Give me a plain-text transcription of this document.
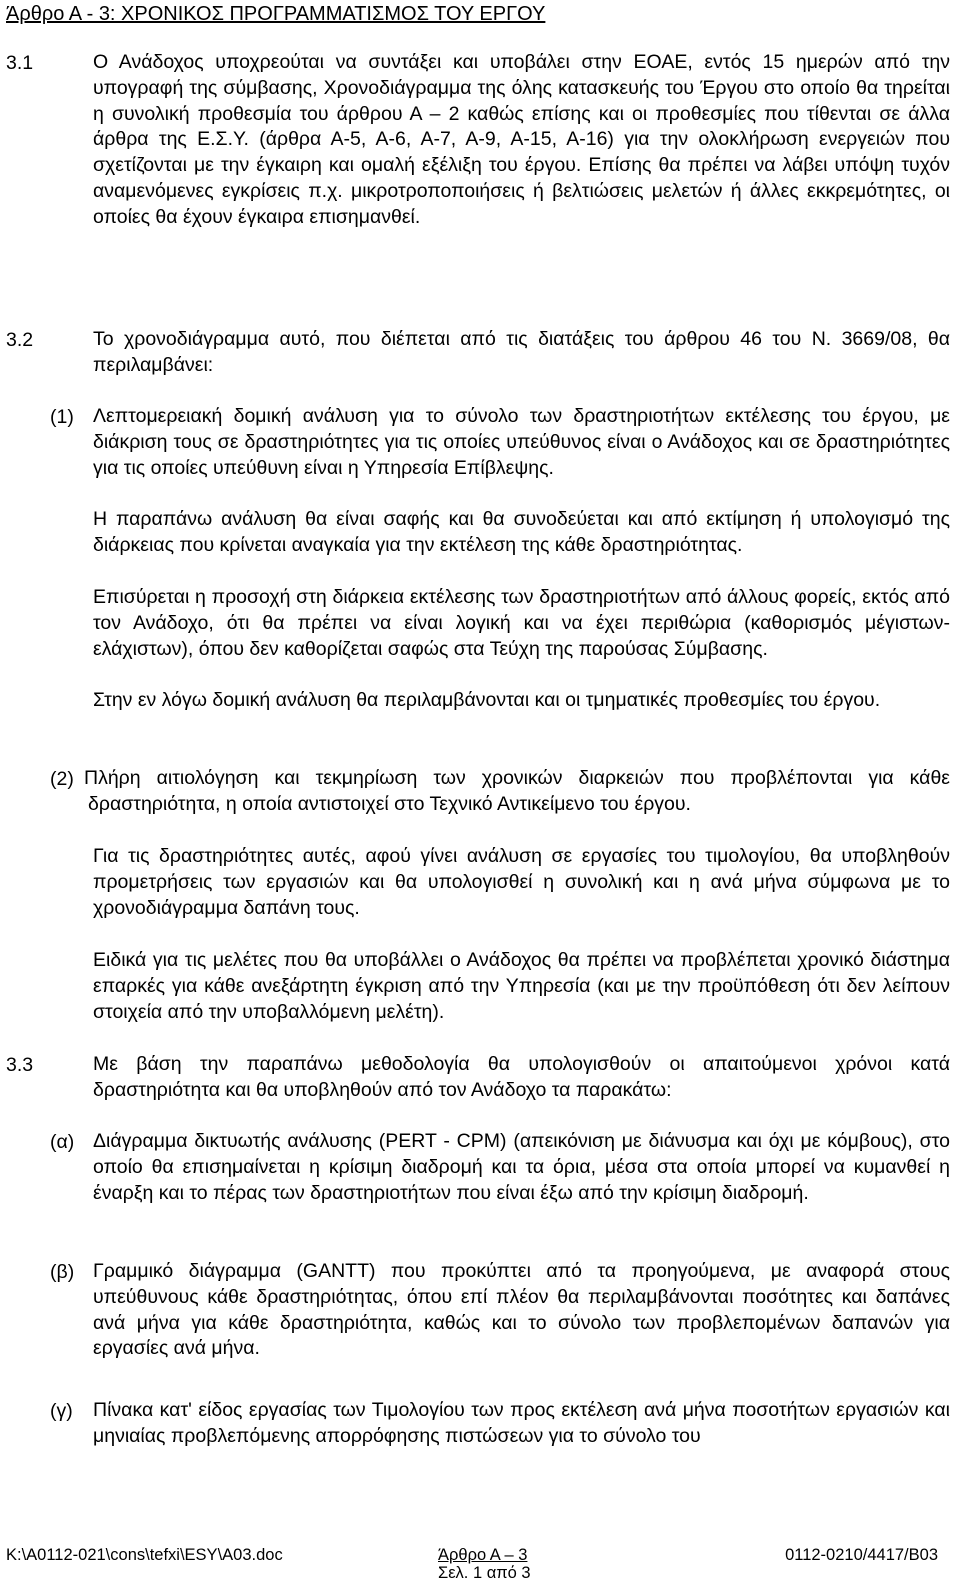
Άρθρο Α - 3: ΧΡΟΝΙΚΟΣ ΠΡΟΓΡΑΜΜΑΤΙΣΜΟΣ ΤΟΥ ΕΡΓΟΥ
3.1	Ο Ανάδοχος υποχρεούται να συντάξει και υποβάλει στην ΕΟΑΕ, εντός 15 ημερών από την υπογραφή της σύμβασης, Χρονοδιάγραμμα της όλης κατασκευής του Έργου στο οποίο θα τηρείται η συνολική προθεσμία του άρθρου Α – 2 καθώς επίσης και οι προθεσμίες που τίθενται σε άλλα άρθρα της Ε.Σ.Υ. (άρθρα Α-5, Α-6, Α-7, Α-9, Α-15, Α-16) για την ολοκλήρωση ενεργειών που σχετίζονται με την έγκαιρη και ομαλή εξέλιξη του έργου. Επίσης θα πρέπει να λάβει υπόψη τυχόν αναμενόμενες εγκρίσεις π.χ. μικροτροποποιήσεις ή βελτιώσεις μελετών ή άλλες εκκρεμότητες, οι οποίες θα έχουν έγκαιρα επισημανθεί.
3.2	Το χρονοδιάγραμμα αυτό, που διέπεται από τις διατάξεις του άρθρου 46 του Ν. 3669/08, θα περιλαμβάνει:
(1) Λεπτομερειακή δομική ανάλυση για το σύνολο των δραστηριοτήτων εκτέλεσης του έργου, με διάκριση τους σε δραστηριότητες για τις οποίες υπεύθυνος είναι ο Ανάδοχος και σε δραστηριότητες για τις οποίες υπεύθυνη είναι η Υπηρεσία Επίβλεψης.
Η παραπάνω ανάλυση θα είναι σαφής και θα συνοδεύεται και από εκτίμηση ή υπολογισμό της διάρκειας που κρίνεται αναγκαία για την εκτέλεση της κάθε δραστηριότητας.
Επισύρεται η προσοχή στη διάρκεια εκτέλεσης των δραστηριοτήτων από άλλους φορείς, εκτός από τον Ανάδοχο, ότι θα πρέπει να είναι λογική και να έχει περιθώρια (καθορισμός μέγιστων-ελάχιστων), όπου δεν καθορίζεται σαφώς στα Τεύχη της παρούσας Σύμβασης.
Στην εν λόγω δομική ανάλυση θα περιλαμβάνονται και οι τμηματικές προθεσμίες του έργου.
(2) Πλήρη αιτιολόγηση και τεκμηρίωση των χρονικών διαρκειών που προβλέπονται για κάθε δραστηριότητα, η οποία αντιστοιχεί στο Τεχνικό Αντικείμενο του έργου.
Για τις δραστηριότητες αυτές, αφού γίνει ανάλυση σε εργασίες του τιμολογίου, θα υποβληθούν προμετρήσεις των εργασιών και θα υπολογισθεί η συνολική και η ανά μήνα σύμφωνα με το χρονοδιάγραμμα δαπάνη τους.
Ειδικά για τις μελέτες που θα υποβάλλει ο Ανάδοχος θα πρέπει να προβλέπεται χρονικό διάστημα επαρκές για κάθε ανεξάρτητη έγκριση από την Υπηρεσία (και με την προϋπόθεση ότι δεν λείπουν στοιχεία από την υποβαλλόμενη μελέτη).
3.3	Με βάση την παραπάνω μεθοδολογία θα υπολογισθούν οι απαιτούμενοι χρόνοι κατά δραστηριότητα και θα υποβληθούν από τον Ανάδοχο τα παρακάτω:
(α) Διάγραμμα δικτυωτής ανάλυσης (PERT - CPM) (απεικόνιση με διάνυσμα και όχι με κόμβους), στο οποίο θα επισημαίνεται η κρίσιμη διαδρομή και τα όρια, μέσα στα οποία μπορεί να κυμανθεί η έναρξη και το πέρας των δραστηριοτήτων που είναι έξω από την κρίσιμη διαδρομή.
(β) Γραμμικό διάγραμμα (GANTT) που προκύπτει από τα προηγούμενα, με αναφορά στους υπεύθυνους κάθε δραστηριότητας, όπου επί πλέον θα περιλαμβάνονται ποσότητες και δαπάνες ανά μήνα για κάθε δραστηριότητα, καθώς και το σύνολο των προβλεπομένων δαπανών για εργασίες ανά μήνα.
(γ) Πίνακα κατ' είδος εργασίας των Τιμολογίου των προς εκτέλεση ανά μήνα ποσοτήτων εργασιών και μηνιαίας προβλεπόμενης απορρόφησης πιστώσεων για το σύνολο του
K:\A0112-021\cons\tefxi\ESY\A03.doc	Άρθρο Α – 3	0112-0210/4417/B03
Σελ. 1 από 3
